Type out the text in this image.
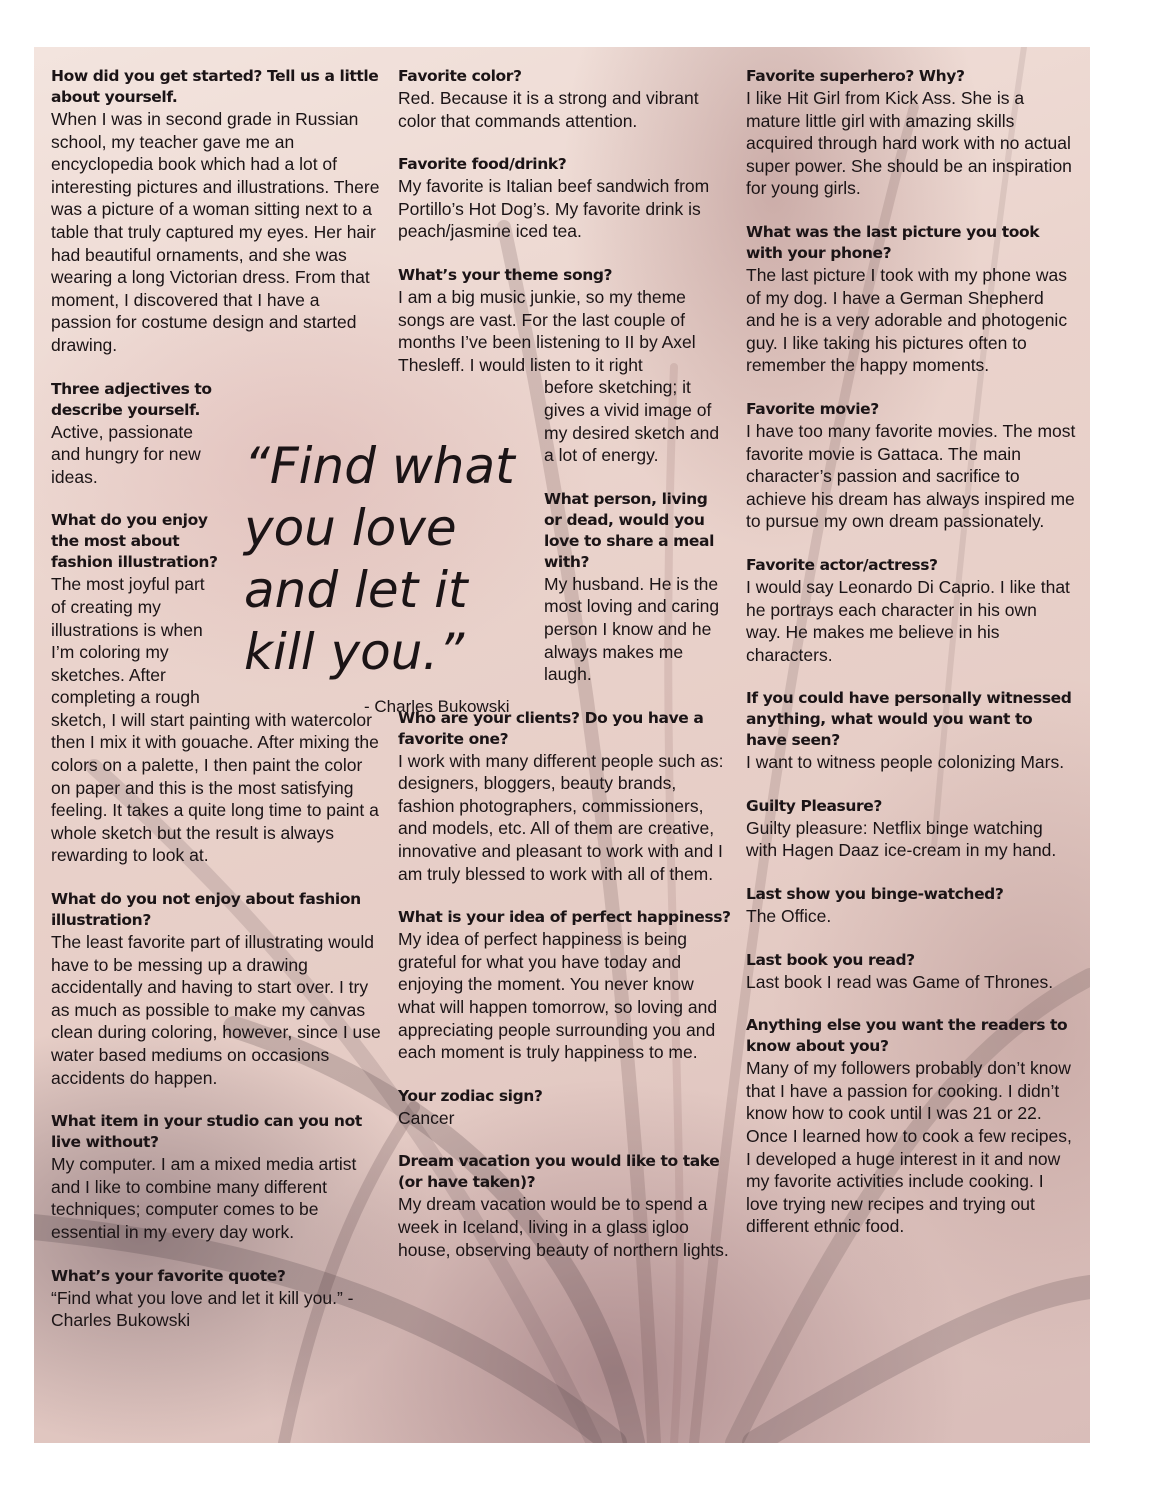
How did you get started? Tell us a little about yourself.
When I was in second grade in Russian school, my teacher gave me an encyclopedia book which had a lot of interesting pictures and illustrations. There was a picture of a woman sitting next to a table that truly captured my eyes. Her hair had beautiful ornaments, and she was wearing a long Victorian dress. From that moment, I discovered that I have a passion for costume design and started drawing.
Three adjectives to describe yourself.
Active, passionate and hungry for new ideas.
What do you enjoy the most about fashion illustration?
The most joyful part of creating my illustrations is when I’m coloring my sketches. After completing a rough
sketch, I will start painting with watercolor then I mix it with gouache. After mixing the colors on a palette, I then paint the color on paper and this is the most satisfying feeling. It takes a quite long time to paint a whole sketch but the result is always rewarding to look at.
What do you not enjoy about fashion illustration?
The least favorite part of illustrating would have to be messing up a drawing accidentally and having to start over. I try as much as possible to make my canvas clean during coloring, however, since I use water based mediums on occasions accidents do happen.
What item in your studio can you not live without?
My computer. I am a mixed media artist and I like to combine many different techniques; computer comes to be essential in my every day work.
What’s your favorite quote?
“Find what you love and let it kill you.” - Charles Bukowski
Favorite color?
Red. Because it is a strong and vibrant color that commands attention.
Favorite food/drink?
My favorite is Italian beef sandwich from Portillo’s Hot Dog’s. My favorite drink is peach/jasmine iced tea.
What’s your theme song?
I am a big music junkie, so my theme songs are vast. For the last couple of months I’ve been listening to II by Axel Thesleff. I would listen to it right
before sketching; it gives a vivid image of my desired sketch and a lot of energy.
What person, living or dead, would you love to share a meal with?
My husband. He is the most loving and caring person I know and he always makes me laugh.
Who are your clients? Do you have a favorite one?
I work with many different people such as: designers, bloggers, beauty brands, fashion photographers, commissioners, and models, etc. All of them are creative, innovative and pleasant to work with and I am truly blessed to work with all of them.
What is your idea of perfect happiness?
My idea of perfect happiness is being grateful for what you have today and enjoying the moment. You never know what will happen tomorrow, so loving and appreciating people surrounding you and each moment is truly happiness to me.
Your zodiac sign?
Cancer
Dream vacation you would like to take (or have taken)?
My dream vacation would be to spend a week in Iceland, living in a glass igloo house, observing beauty of northern lights.
Favorite superhero? Why?
I like Hit Girl from Kick Ass. She is a mature little girl with amazing skills acquired through hard work with no actual super power. She should be an inspiration for young girls.
What was the last picture you took with your phone?
The last picture I took with my phone was of my dog. I have a German Shepherd and he is a very adorable and photogenic guy. I like taking his pictures often to remember the happy moments.
Favorite movie?
I have too many favorite movies. The most favorite movie is Gattaca. The main character’s passion and sacrifice to achieve his dream has always inspired me to pursue my own dream passionately.
Favorite actor/actress?
I would say Leonardo Di Caprio. I like that he portrays each character in his own way. He makes me believe in his characters.
If you could have personally witnessed anything, what would you want to have seen?
I want to witness people colonizing Mars.
Guilty Pleasure?
Guilty pleasure: Netflix binge watching with Hagen Daaz ice-cream in my hand.
Last show you binge-watched?
The Office.
Last book you read?
Last book I read was Game of Thrones.
Anything else you want the readers to know about you?
Many of my followers probably don’t know that I have a passion for cooking. I didn’t know how to cook until I was 21 or 22. Once I learned how to cook a few recipes, I developed a huge interest in it and now my favorite activities include cooking. I love trying new recipes and trying out different ethnic food.
“Find what you love and let it kill you.”
- Charles Bukowski
